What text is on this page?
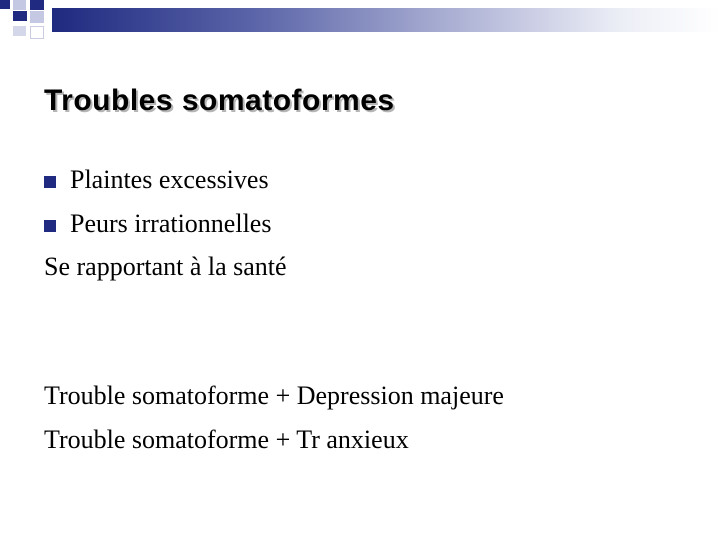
Troubles somatoformes
Plaintes excessives
Peurs irrationnelles
Se rapportant à la santé
Trouble somatoforme + Depression majeure
Trouble somatoforme + Tr anxieux
